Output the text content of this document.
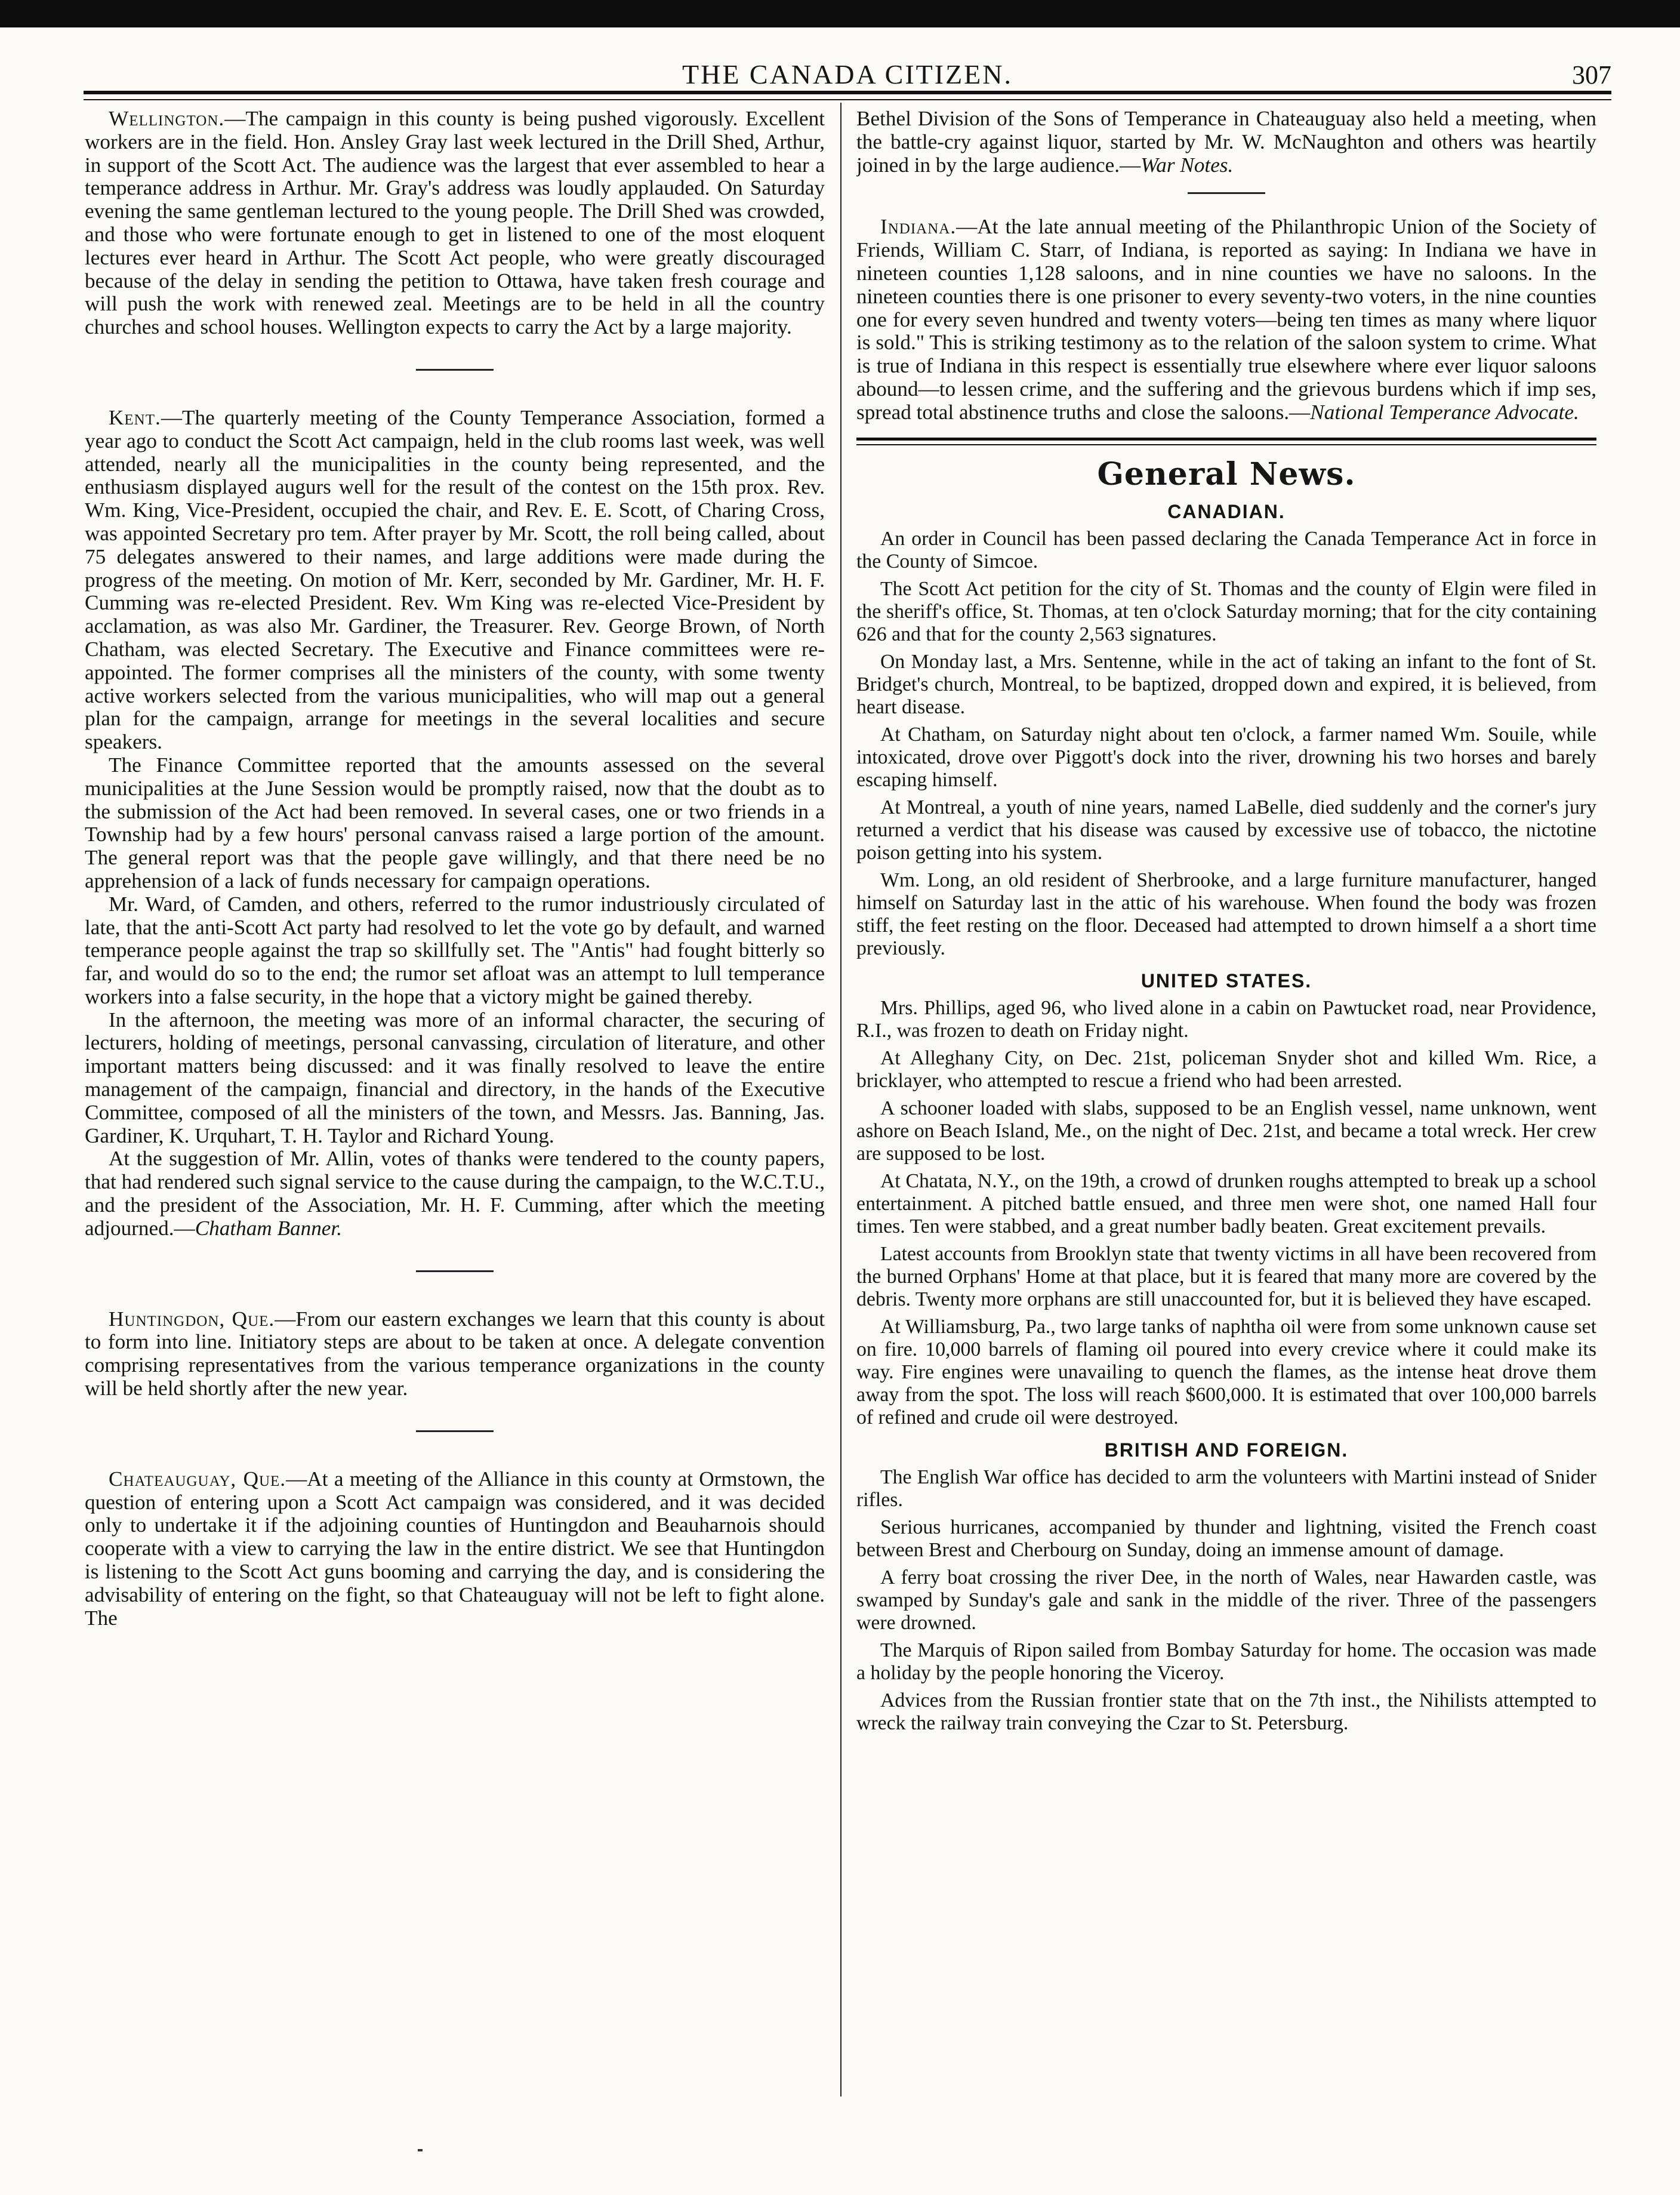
THE CANADA CITIZEN.	307

Wellington.—The campaign in this county is being pushed vigorously. Excellent workers are in the field. Hon. Ansley Gray last week lectured in the Drill Shed, Arthur, in support of the Scott Act. The audience was the largest that ever assembled to hear a temperance address in Arthur. Mr. Gray's address was loudly applauded. On Saturday evening the same gentleman lectured to the young people. The Drill Shed was crowded, and those who were fortunate enough to get in listened to one of the most eloquent lectures ever heard in Arthur. The Scott Act people, who were greatly discouraged because of the delay in sending the petition to Ottawa, have taken fresh courage and will push the work with renewed zeal. Meetings are to be held in all the country churches and school houses. Wellington expects to carry the Act by a large majority.

Kent.—The quarterly meeting of the County Temperance Association, formed a year ago to conduct the Scott Act campaign, held in the club rooms last week, was well attended, nearly all the municipalities in the county being represented, and the enthusiasm displayed augurs well for the result of the contest on the 15th prox. Rev. Wm. King, Vice-President, occupied the chair, and Rev. E. E. Scott, of Charing Cross, was appointed Secretary pro tem. After prayer by Mr. Scott, the roll being called, about 75 delegates answered to their names, and large additions were made during the progress of the meeting. On motion of Mr. Kerr, seconded by Mr. Gardiner, Mr. H. F. Cumming was re-elected President. Rev. Wm King was re-elected Vice-President by acclamation, as was also Mr. Gardiner, the Treasurer. Rev. George Brown, of North Chatham, was elected Secretary. The Executive and Finance committees were re-appointed. The former comprises all the ministers of the county, with some twenty active workers selected from the various municipalities, who will map out a general plan for the campaign, arrange for meetings in the several localities and secure speakers.

The Finance Committee reported that the amounts assessed on the several municipalities at the June Session would be promptly raised, now that the doubt as to the submission of the Act had been removed. In several cases, one or two friends in a Township had by a few hours' personal canvass raised a large portion of the amount. The general report was that the people gave willingly, and that there need be no apprehension of a lack of funds necessary for campaign operations.

Mr. Ward, of Camden, and others, referred to the rumor industriously circulated of late, that the anti-Scott Act party had resolved to let the vote go by default, and warned temperance people against the trap so skillfully set. The "Antis" had fought bitterly so far, and would do so to the end; the rumor set afloat was an attempt to lull temperance workers into a false security, in the hope that a victory might be gained thereby.

In the afternoon, the meeting was more of an informal character, the securing of lecturers, holding of meetings, personal canvassing, circulation of literature, and other important matters being discussed: and it was finally resolved to leave the entire management of the campaign, financial and directory, in the hands of the Executive Committee, composed of all the ministers of the town, and Messrs. Jas. Banning, Jas. Gardiner, K. Urquhart, T. H. Taylor and Richard Young.

At the suggestion of Mr. Allin, votes of thanks were tendered to the county papers, that had rendered such signal service to the cause during the campaign, to the W.C.T.U., and the president of the Association, Mr. H. F. Cumming, after which the meeting adjourned.—Chatham Banner.

Huntingdon, Que.—From our eastern exchanges we learn that this county is about to form into line. Initiatory steps are about to be taken at once. A delegate convention comprising representatives from the various temperance organizations in the county will be held shortly after the new year.

Chateauguay, Que.—At a meeting of the Alliance in this county at Ormstown, the question of entering upon a Scott Act campaign was considered, and it was decided only to undertake it if the adjoining counties of Huntingdon and Beauharnois should cooperate with a view to carrying the law in the entire district. We see that Huntingdon is listening to the Scott Act guns booming and carrying the day, and is considering the advisability of entering on the fight, so that Chateauguay will not be left to fight alone. The

Bethel Division of the Sons of Temperance in Chateauguay also held a meeting, when the battle-cry against liquor, started by Mr. W. McNaughton and others was heartily joined in by the large audience.—War Notes.

Indiana.—At the late annual meeting of the Philanthropic Union of the Society of Friends, William C. Starr, of Indiana, is reported as saying: In Indiana we have in nineteen counties 1,128 saloons, and in nine counties we have no saloons. In the nineteen counties there is one prisoner to every seventy-two voters, in the nine counties one for every seven hundred and twenty voters—being ten times as many where liquor is sold." This is striking testimony as to the relation of the saloon system to crime. What is true of Indiana in this respect is essentially true elsewhere where ever liquor saloons abound—to lessen crime, and the suffering and the grievous burdens which if imp ses, spread total abstinence truths and close the saloons.—National Temperance Advocate.

General News.
CANADIAN.

An order in Council has been passed declaring the Canada Temperance Act in force in the County of Simcoe.

The Scott Act petition for the city of St. Thomas and the county of Elgin were filed in the sheriff's office, St. Thomas, at ten o'clock Saturday morning; that for the city containing 626 and that for the county 2,563 signatures.

On Monday last, a Mrs. Sentenne, while in the act of taking an infant to the font of St. Bridget's church, Montreal, to be baptized, dropped down and expired, it is believed, from heart disease.

At Chatham, on Saturday night about ten o'clock, a farmer named Wm. Souile, while intoxicated, drove over Piggott's dock into the river, drowning his two horses and barely escaping himself.

At Montreal, a youth of nine years, named LaBelle, died suddenly and the corner's jury returned a verdict that his disease was caused by excessive use of tobacco, the nictotine poison getting into his system.

Wm. Long, an old resident of Sherbrooke, and a large furniture manufacturer, hanged himself on Saturday last in the attic of his warehouse. When found the body was frozen stiff, the feet resting on the floor. Deceased had attempted to drown himself a a short time previously.

UNITED STATES.

Mrs. Phillips, aged 96, who lived alone in a cabin on Pawtucket road, near Providence, R.I., was frozen to death on Friday night.

At Alleghany City, on Dec. 21st, policeman Snyder shot and killed Wm. Rice, a bricklayer, who attempted to rescue a friend who had been arrested.

A schooner loaded with slabs, supposed to be an English vessel, name unknown, went ashore on Beach Island, Me., on the night of Dec. 21st, and became a total wreck. Her crew are supposed to be lost.

At Chatata, N.Y., on the 19th, a crowd of drunken roughs attempted to break up a school entertainment. A pitched battle ensued, and three men were shot, one named Hall four times. Ten were stabbed, and a great number badly beaten. Great excitement prevails.

Latest accounts from Brooklyn state that twenty victims in all have been recovered from the burned Orphans' Home at that place, but it is feared that many more are covered by the debris. Twenty more orphans are still unaccounted for, but it is believed they have escaped.

At Williamsburg, Pa., two large tanks of naphtha oil were from some unknown cause set on fire. 10,000 barrels of flaming oil poured into every crevice where it could make its way. Fire engines were unavailing to quench the flames, as the intense heat drove them away from the spot. The loss will reach $600,000. It is estimated that over 100,000 barrels of refined and crude oil were destroyed.

BRITISH AND FOREIGN.

The English War office has decided to arm the volunteers with Martini instead of Snider rifles.

Serious hurricanes, accompanied by thunder and lightning, visited the French coast between Brest and Cherbourg on Sunday, doing an immense amount of damage.

A ferry boat crossing the river Dee, in the north of Wales, near Hawarden castle, was swamped by Sunday's gale and sank in the middle of the river. Three of the passengers were drowned.

The Marquis of Ripon sailed from Bombay Saturday for home. The occasion was made a holiday by the people honoring the Viceroy.

Advices from the Russian frontier state that on the 7th inst., the Nihilists attempted to wreck the railway train conveying the Czar to St. Petersburg.
